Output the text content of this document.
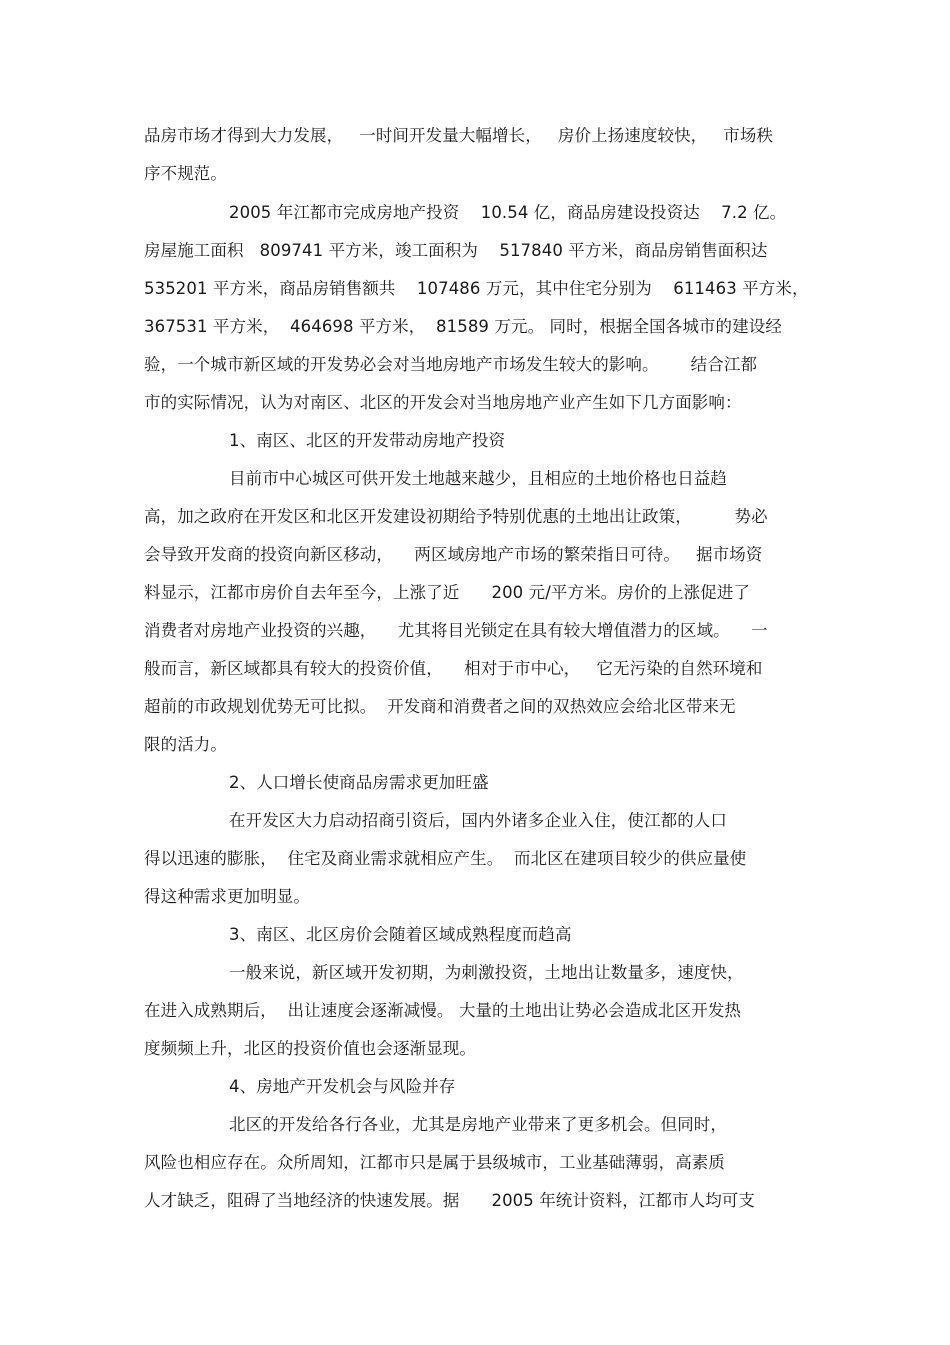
品房市场才得到大力发展，   一时间开发量大幅增长，   房价上扬速度较快，   市场秩
序不规范。
2005 年江都市完成房地产投资    10.54 亿，商品房建设投资达    7.2 亿。
房屋施工面积   809741 平方米，竣工面积为    517840 平方米，商品房销售面积达
535201 平方米，商品房销售额共    107486 万元，其中住宅分别为    611463 平方米，
367531 平方米，  464698 平方米，  81589 万元。 同时，根据全国各城市的建设经
验，一个城市新区域的开发势必会对当地房地产市场发生较大的影响。      结合江都
市的实际情况，认为对南区、北区的开发会对当地房地产业产生如下几方面影响：
1、南区、北区的开发带动房地产投资
目前市中心城区可供开发土地越来越少，且相应的土地价格也日益趋
高，加之政府在开发区和北区开发建设初期给予特别优惠的土地出让政策，        势必
会导致开发商的投资向新区移动，    两区域房地产市场的繁荣指日可待。   据市场资
料显示，江都市房价自去年至今，上涨了近      200 元/平方米。房价的上涨促进了
消费者对房地产业投资的兴趣，    尤其将目光锁定在具有较大增值潜力的区域。    一
般而言，新区域都具有较大的投资价值，    相对于市中心，   它无污染的自然环境和
超前的市政规划优势无可比拟。  开发商和消费者之间的双热效应会给北区带来无
限的活力。
2、人口增长使商品房需求更加旺盛
在开发区大力启动招商引资后，国内外诸多企业入住，使江都的人口
得以迅速的膨胀，  住宅及商业需求就相应产生。  而北区在建项目较少的供应量使
得这种需求更加明显。
3、南区、北区房价会随着区域成熟程度而趋高
一般来说，新区域开发初期，为刺激投资，土地出让数量多，速度快，
在进入成熟期后，  出让速度会逐渐减慢。 大量的土地出让势必会造成北区开发热
度频频上升，北区的投资价值也会逐渐显现。
4、房地产开发机会与风险并存
北区的开发给各行各业，尤其是房地产业带来了更多机会。但同时，
风险也相应存在。众所周知，江都市只是属于县级城市，工业基础薄弱，高素质
人才缺乏，阻碍了当地经济的快速发展。据      2005 年统计资料，江都市人均可支
